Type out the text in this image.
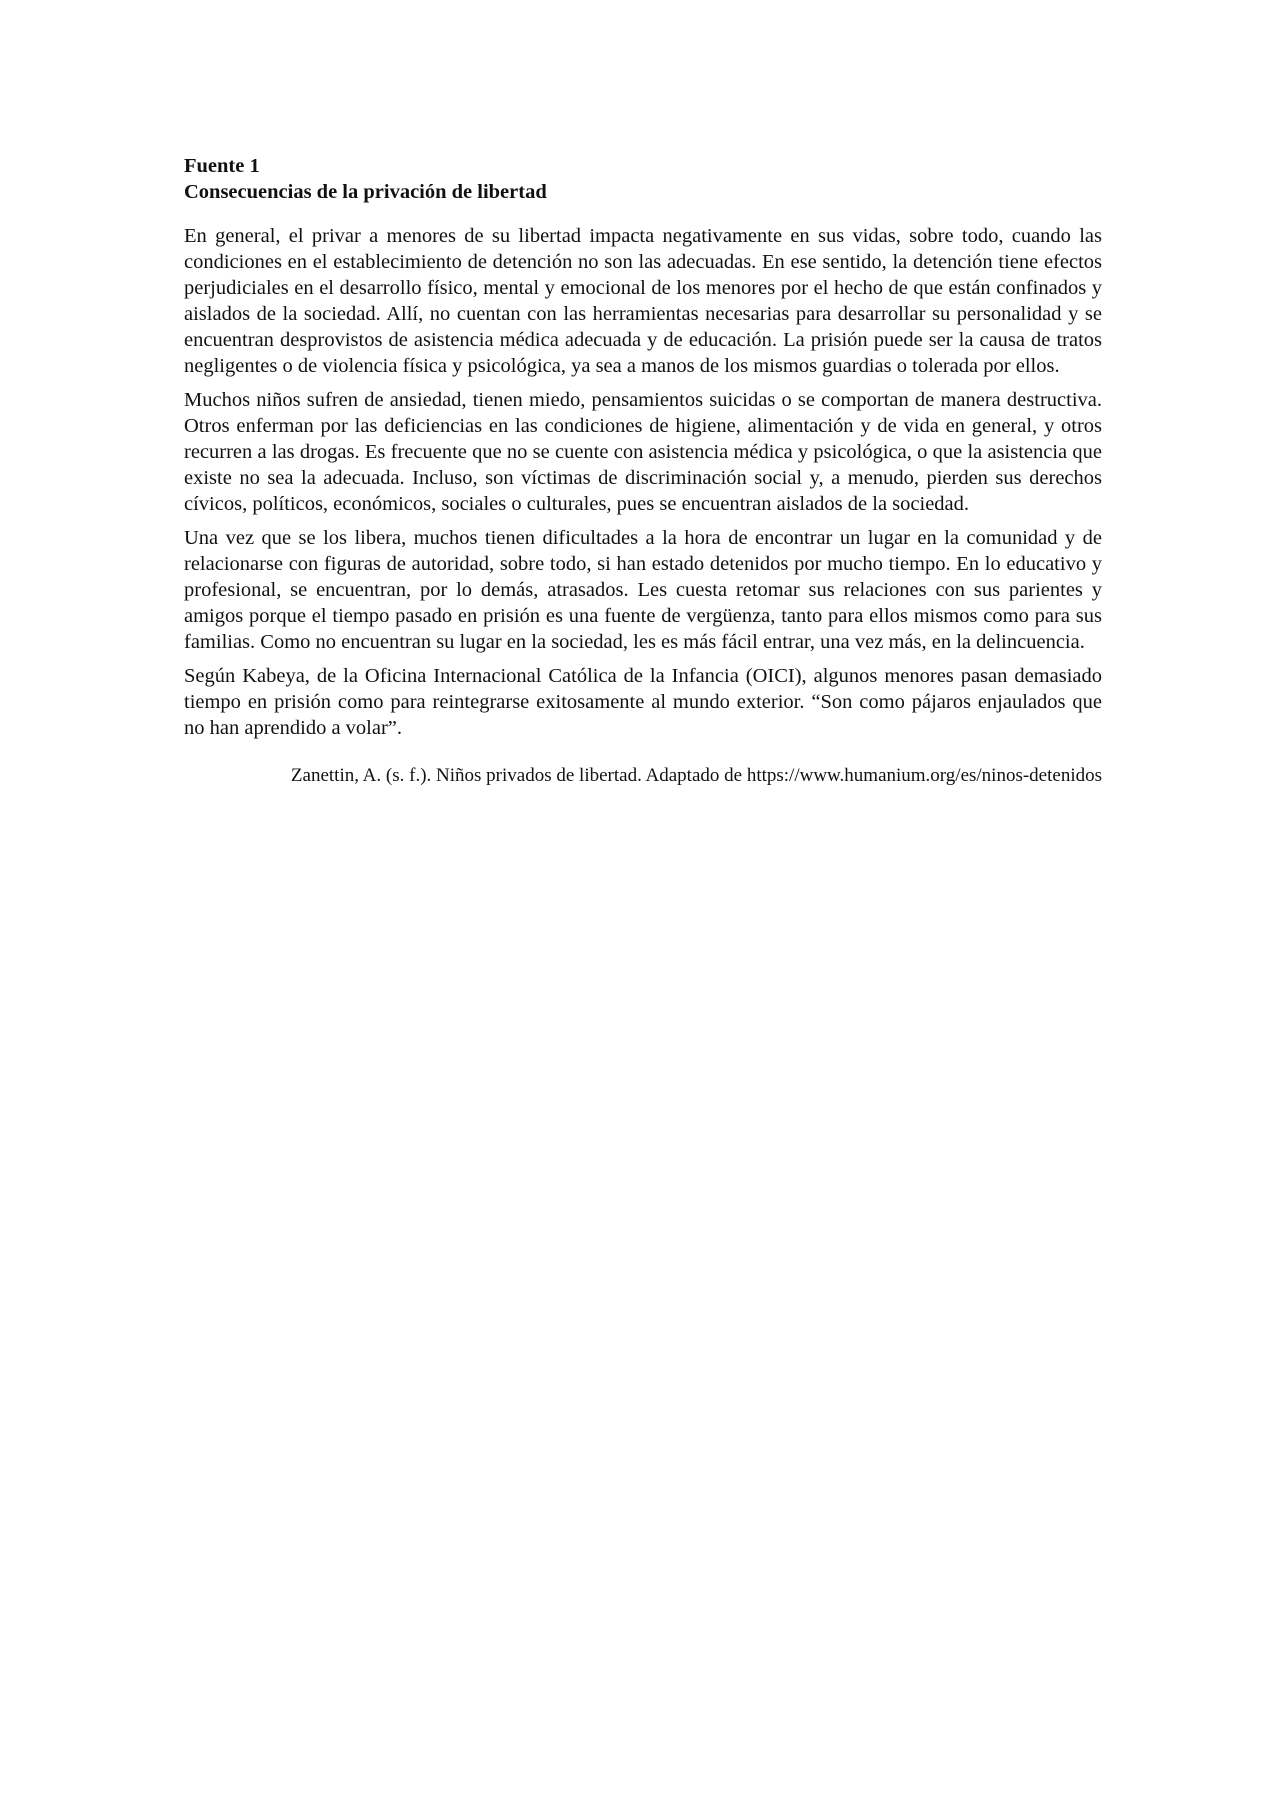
Fuente 1

Consecuencias de la privación de libertad

En general, el privar a menores de su libertad impacta negativamente en sus vidas, sobre todo, cuando las condiciones en el establecimiento de detención no son las adecuadas. En ese sentido, la detención tiene efectos perjudiciales en el desarrollo físico, mental y emocional de los menores por el hecho de que están confinados y aislados de la sociedad. Allí, no cuentan con las herramientas necesarias para desarrollar su personalidad y se encuentran desprovistos de asistencia médica adecuada y de educación. La prisión puede ser la causa de tratos negligentes o de violencia física y psicológica, ya sea a manos de los mismos guardias o tolerada por ellos.

Muchos niños sufren de ansiedad, tienen miedo, pensamientos suicidas o se comportan de manera destructiva. Otros enferman por las deficiencias en las condiciones de higiene, alimentación y de vida en general, y otros recurren a las drogas. Es frecuente que no se cuente con asistencia médica y psicológica, o que la asistencia que existe no sea la adecuada. Incluso, son víctimas de discriminación social y, a menudo, pierden sus derechos cívicos, políticos, económicos, sociales o culturales, pues se encuentran aislados de la sociedad.

Una vez que se los libera, muchos tienen dificultades a la hora de encontrar un lugar en la comunidad y de relacionarse con figuras de autoridad, sobre todo, si han estado detenidos por mucho tiempo. En lo educativo y profesional, se encuentran, por lo demás, atrasados. Les cuesta retomar sus relaciones con sus parientes y amigos porque el tiempo pasado en prisión es una fuente de vergüenza, tanto para ellos mismos como para sus familias. Como no encuentran su lugar en la sociedad, les es más fácil entrar, una vez más, en la delincuencia.

Según Kabeya, de la Oficina Internacional Católica de la Infancia (OICI), algunos menores pasan demasiado tiempo en prisión como para reintegrarse exitosamente al mundo exterior. “Son como pájaros enjaulados que no han aprendido a volar”.

Zanettin, A. (s. f.). Niños privados de libertad. Adaptado de https://www.humanium.org/es/ninos-detenidos
